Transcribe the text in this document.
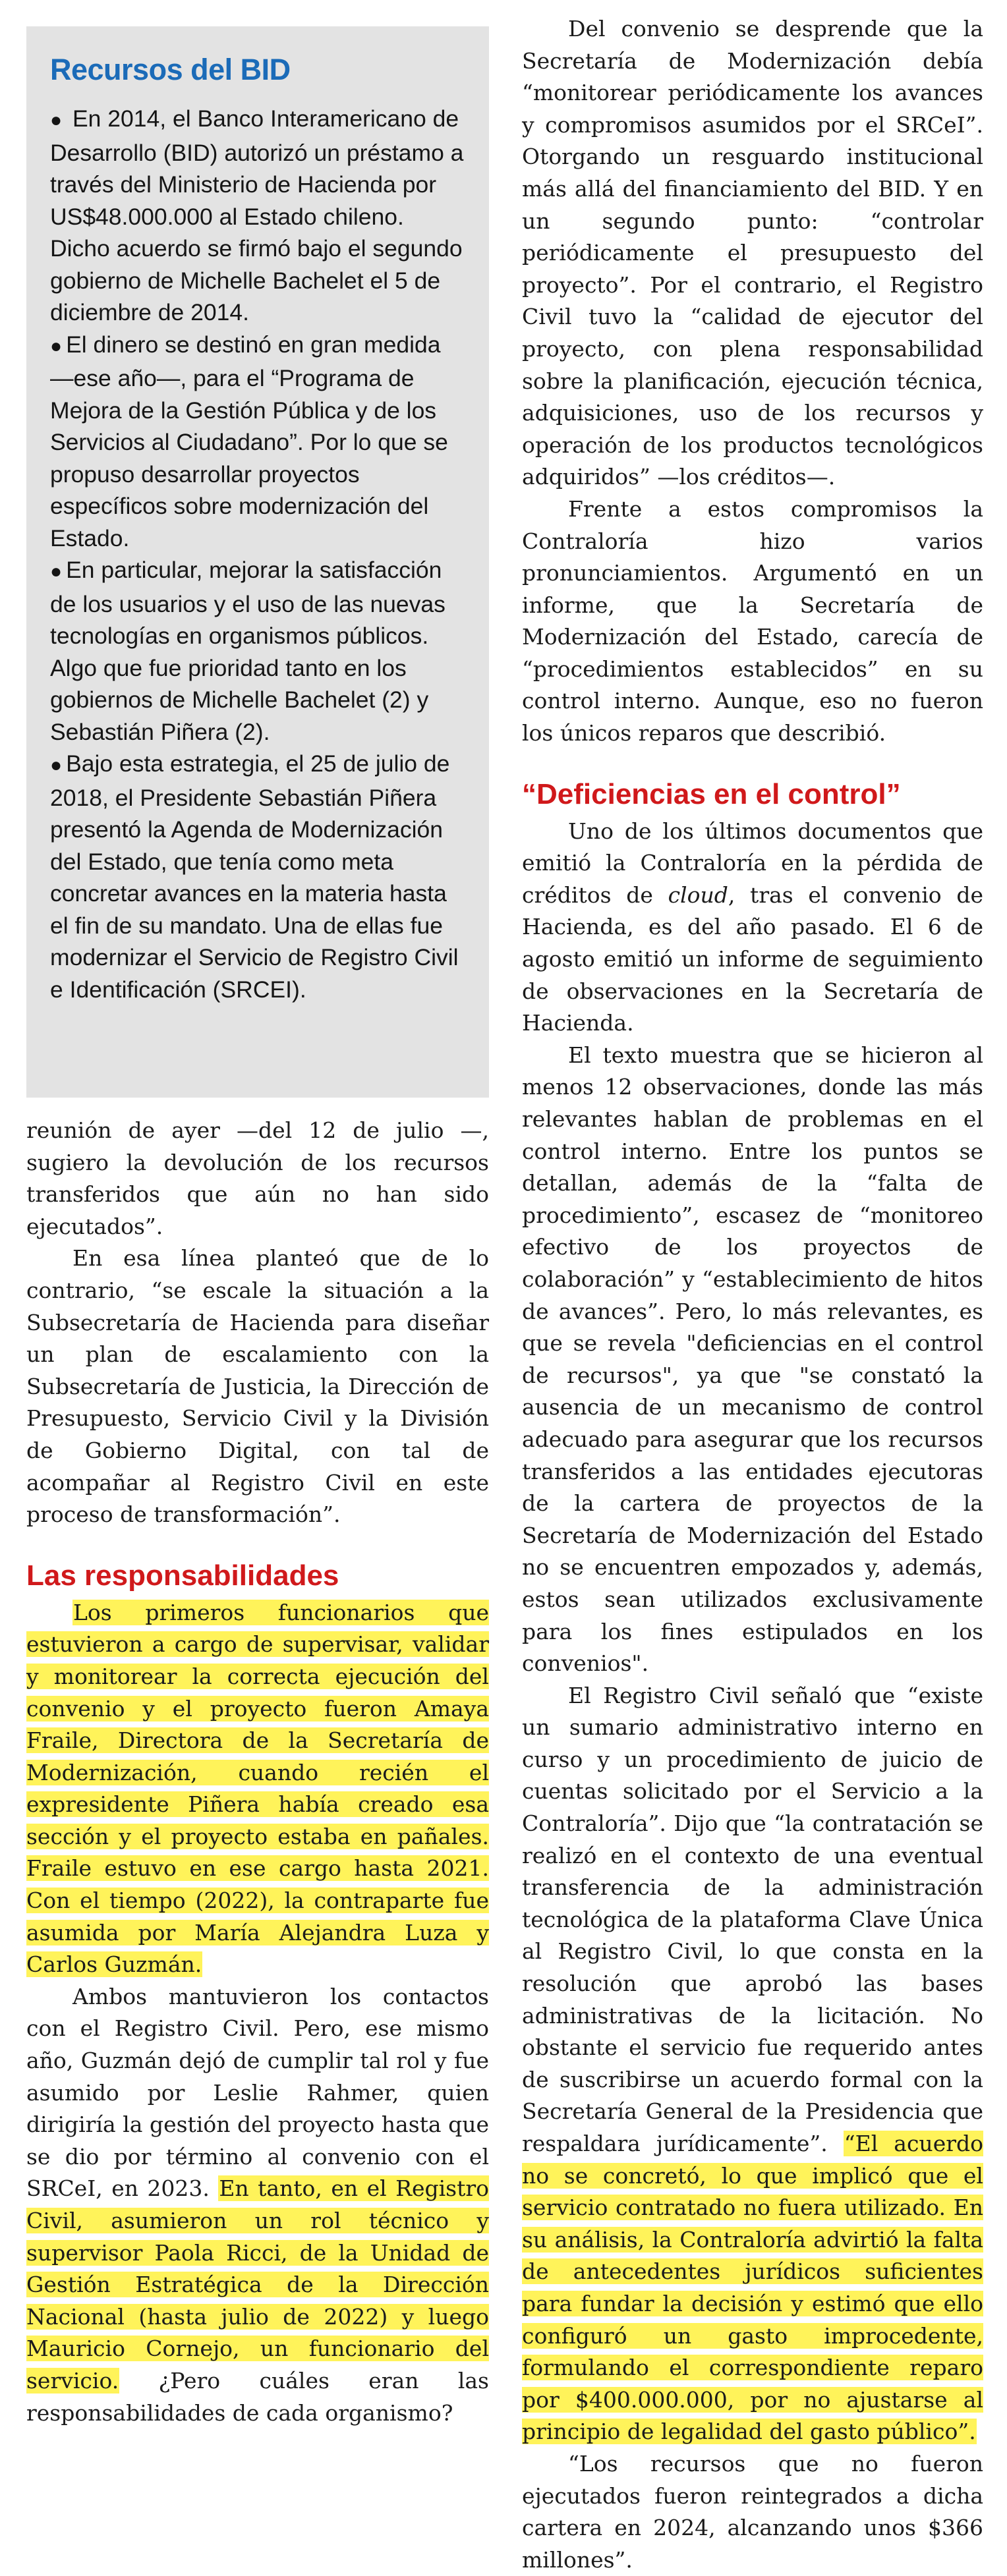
Recursos del BID

● En 2014, el Banco Interamericano de Desarrollo (BID) autorizó un préstamo a través del Ministerio de Hacienda por US$48.000.000 al Estado chileno. Dicho acuerdo se firmó bajo el segundo gobierno de Michelle Bachelet el 5 de diciembre de 2014.

● El dinero se destinó en gran medida —ese año—, para el “Programa de Mejora de la Gestión Pública y de los Servicios al Ciudadano”. Por lo que se propuso desarrollar proyectos específicos sobre modernización del Estado.

● En particular, mejorar la satisfacción de los usuarios y el uso de las nuevas tecnologías en organismos públicos. Algo que fue prioridad tanto en los gobiernos de Michelle Bachelet (2) y Sebastián Piñera (2).

● Bajo esta estrategia, el 25 de julio de 2018, el Presidente Sebastián Piñera presentó la Agenda de Modernización del Estado, que tenía como meta concretar avances en la materia hasta el fin de su mandato. Una de ellas fue modernizar el Servicio de Registro Civil e Identificación (SRCEI).

reunión de ayer —del 12 de julio —, sugiero la devolución de los recursos transferidos que aún no han sido ejecutados”.

En esa línea planteó que de lo contrario, “se escale la situación a la Subsecretaría de Hacienda para diseñar un plan de escalamiento con la Subsecretaría de Justicia, la Dirección de Presupuesto, Servicio Civil y la División de Gobierno Digital, con tal de acompañar al Registro Civil en este proceso de transformación”.

Las responsabilidades

Los primeros funcionarios que estuvieron a cargo de supervisar, validar y monitorear la correcta ejecución del convenio y el proyecto fueron Amaya Fraile, Directora de la Secretaría de Modernización, cuando recién el expresidente Piñera había creado esa sección y el proyecto estaba en pañales. Fraile estuvo en ese cargo hasta 2021. Con el tiempo (2022), la contraparte fue asumida por María Alejandra Luza y Carlos Guzmán.

Ambos mantuvieron los contactos con el Registro Civil. Pero, ese mismo año, Guzmán dejó de cumplir tal rol y fue asumido por Leslie Rahmer, quien dirigiría la gestión del proyecto hasta que se dio por término al convenio con el SRCeI, en 2023. En tanto, en el Registro Civil, asumieron un rol técnico y supervisor Paola Ricci, de la Unidad de Gestión Estratégica de la Dirección Nacional (hasta julio de 2022) y luego Mauricio Cornejo, un funcionario del servicio. ¿Pero cuáles eran las responsabilidades de cada organismo?

Del convenio se desprende que la Secretaría de Modernización debía “monitorear periódicamente los avances y compromisos asumidos por el SRCeI”. Otorgando un resguardo institucional más allá del financiamiento del BID. Y en un segundo punto: “controlar periódicamente el presupuesto del proyecto”. Por el contrario, el Registro Civil tuvo la “calidad de ejecutor del proyecto, con plena responsabilidad sobre la planificación, ejecución técnica, adquisiciones, uso de los recursos y operación de los productos tecnológicos adquiridos” —los créditos—.

Frente a estos compromisos la Contraloría hizo varios pronunciamientos. Argumentó en un informe, que la Secretaría de Modernización del Estado, carecía de “procedimientos establecidos” en su control interno. Aunque, eso no fueron los únicos reparos que describió.

“Deficiencias en el control”

Uno de los últimos documentos que emitió la Contraloría en la pérdida de créditos de cloud, tras el convenio de Hacienda, es del año pasado. El 6 de agosto emitió un informe de seguimiento de observaciones en la Secretaría de Hacienda.

El texto muestra que se hicieron al menos 12 observaciones, donde las más relevantes hablan de problemas en el control interno. Entre los puntos se detallan, además de la “falta de procedimiento”, escasez de “monitoreo efectivo de los proyectos de colaboración” y “establecimiento de hitos de avances”. Pero, lo más relevantes, es que se revela "deficiencias en el control de recursos", ya que "se constató la ausencia de un mecanismo de control adecuado para asegurar que los recursos transferidos a las entidades ejecutoras de la cartera de proyectos de la Secretaría de Modernización del Estado no se encuentren empozados y, además, estos sean utilizados exclusivamente para los fines estipulados en los convenios".

El Registro Civil señaló que “existe un sumario administrativo interno en curso y un procedimiento de juicio de cuentas solicitado por el Servicio a la Contraloría”. Dijo que “la contratación se realizó en el contexto de una eventual transferencia de la administración tecnológica de la plataforma Clave Única al Registro Civil, lo que consta en la resolución que aprobó las bases administrativas de la licitación. No obstante el servicio fue requerido antes de suscribirse un acuerdo formal con la Secretaría General de la Presidencia que respaldara jurídicamente”. “El acuerdo no se concretó, lo que implicó que el servicio contratado no fuera utilizado. En su análisis, la Contraloría advirtió la falta de antecedentes jurídicos suficientes para fundar la decisión y estimó que ello configuró un gasto improcedente, formulando el correspondiente reparo por $400.000.000, por no ajustarse al principio de legalidad del gasto público”.

“Los recursos que no fueron ejecutados fueron reintegrados a dicha cartera en 2024, alcanzando unos $366 millones”.
